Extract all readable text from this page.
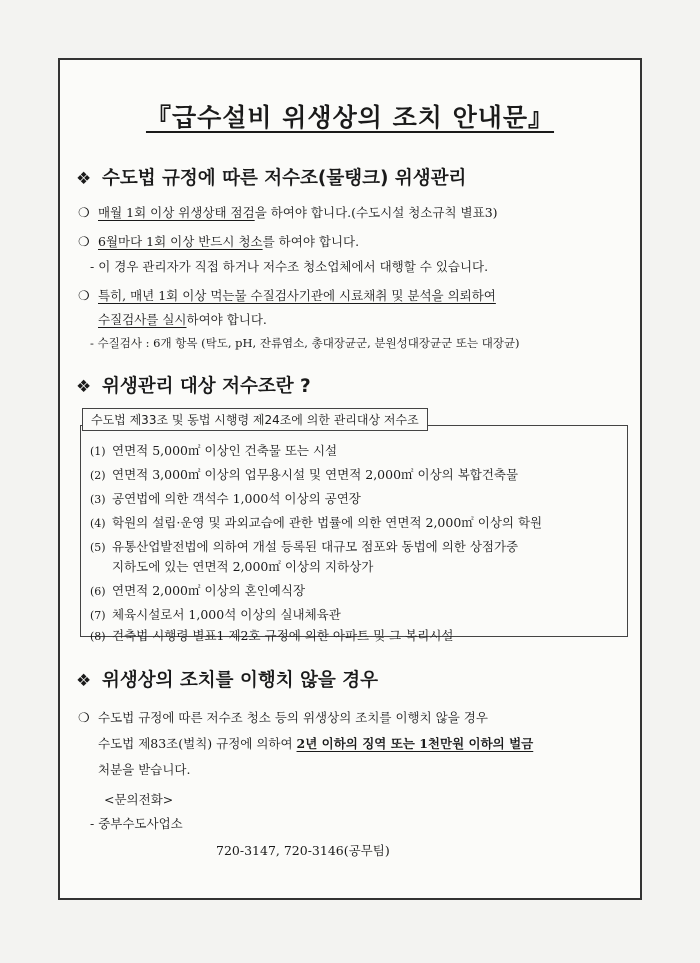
『급수설비 위생상의 조치 안내문』
❖ 수도법 규정에 따른 저수조(물탱크) 위생관리
❍ 매월 1회 이상 위생상태 점검을 하여야 합니다.(수도시설 청소규칙 별표3)
❍ 6월마다 1회 이상 반드시 청소를 하여야 합니다.
- 이 경우 관리자가 직접 하거나 저수조 청소업체에서 대행할 수 있습니다.
❍ 특히, 매년 1회 이상 먹는물 수질검사기관에 시료채취 및 분석을 의뢰하여
수질검사를 실시하여야 합니다.
- 수질검사 : 6개 항목 (탁도, pH, 잔류염소, 총대장균군, 분원성대장균군 또는 대장균)
❖ 위생관리 대상 저수조란 ?
수도법 제33조 및 동법 시행령 제24조에 의한 관리대상 저수조
(1) 연면적 5,000㎡ 이상인 건축물 또는 시설
(2) 연면적 3,000㎡ 이상의 업무용시설 및 연면적 2,000㎡ 이상의 복합건축물
(3) 공연법에 의한 객석수 1,000석 이상의 공연장
(4) 학원의 설립·운영 및 과외교습에 관한 법률에 의한 연면적 2,000㎡ 이상의 학원
(5) 유통산업발전법에 의하여 개설 등록된 대규모 점포와 동법에 의한 상점가중
지하도에 있는 연면적 2,000㎡ 이상의 지하상가
(6) 연면적 2,000㎡ 이상의 혼인예식장
(7) 체육시설로서 1,000석 이상의 실내체육관
(8) 건축법 시행령 별표1 제2호 규정에 의한 아파트 및 그 복리시설
❖ 위생상의 조치를 이행치 않을 경우
❍ 수도법 규정에 따른 저수조 청소 등의 위생상의 조치를 이행치 않을 경우
수도법 제83조(벌칙) 규정에 의하여 2년 이하의 징역 또는 1천만원 이하의 벌금
처분을 받습니다.
<문의전화>
- 중부수도사업소
720-3147, 720-3146(공무팀)
